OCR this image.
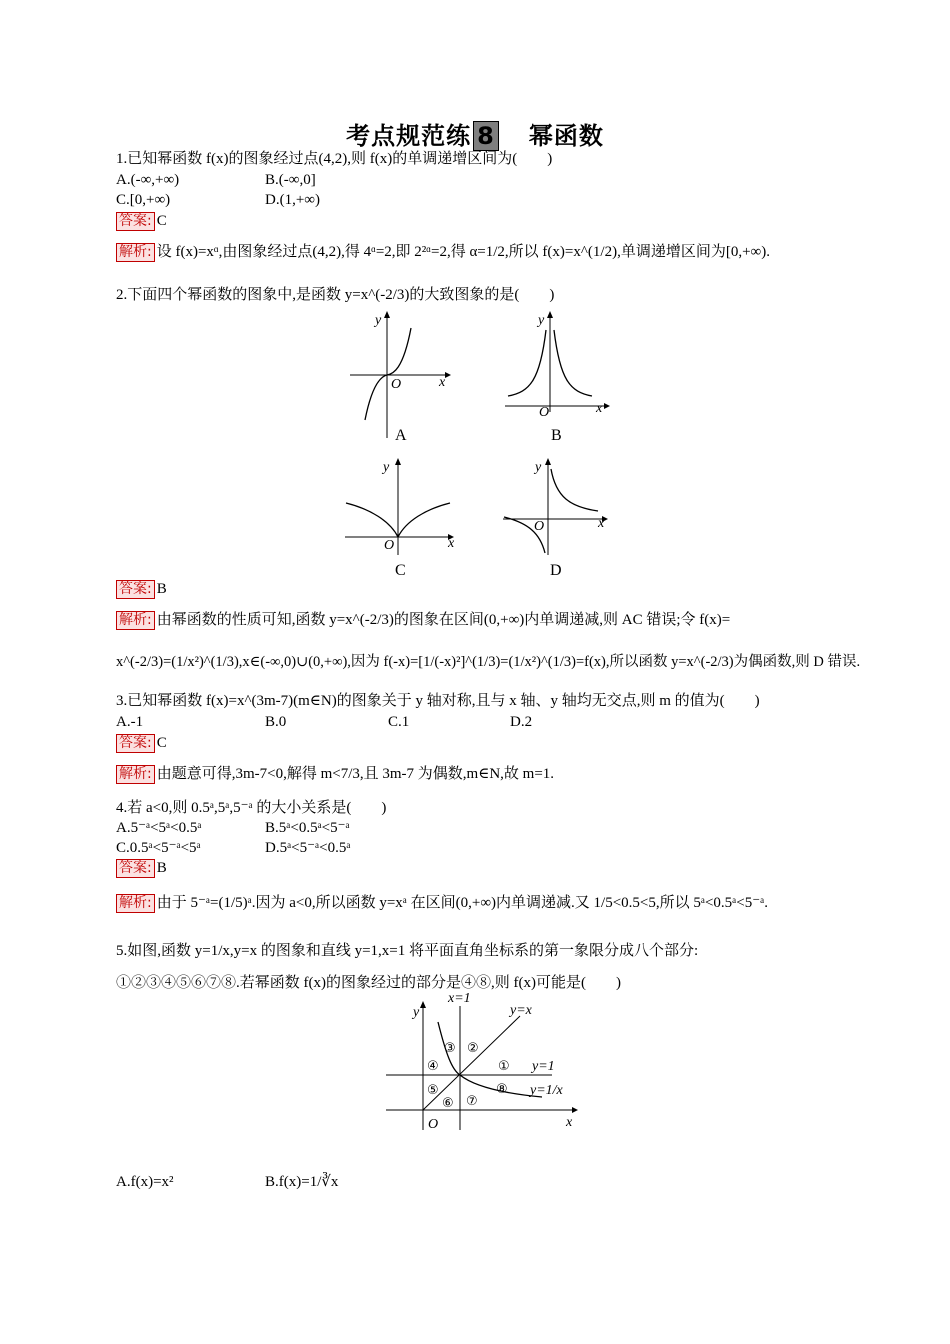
考点规范练 8 幂函数
1.已知幂函数 f(x)的图象经过点(4,2),则 f(x)的单调递增区间为(　　)
A.(-∞,+∞)	B.(-∞,0]
C.[0,+∞)	D.(1,+∞)
答案: C
解析: 设 f(x)=xᵅ,由图象经过点(4,2),得 4ᵅ=2,即 2²ᵅ=2,得 α=1/2,所以 f(x)=x^(1/2),单调递增区间为[0,+∞).
2.下面四个幂函数的图象中,是函数 y=x^(-2/3)的大致图象的是(　　)
x
y
O
A
x
y
O
B
x
y
O
C
x
y
O
D
答案: B
解析: 由幂函数的性质可知,函数 y=x^(-2/3)的图象在区间(0,+∞)内单调递减,则 AC 错误;令 f(x)=
x^(-2/3)=(1/x²)^(1/3),x∈(-∞,0)∪(0,+∞),因为 f(-x)=[1/(-x)²]^(1/3)=(1/x²)^(1/3)=f(x),所以函数 y=x^(-2/3)为偶函数,则 D 错误.
3.已知幂函数 f(x)=x^(3m-7)(m∈N)的图象关于 y 轴对称,且与 x 轴、y 轴均无交点,则 m 的值为(　　)
A.-1	B.0	C.1	D.2
答案: C
解析: 由题意可得,3m-7<0,解得 m<7/3,且 3m-7 为偶数,m∈N,故 m=1.
4.若 a<0,则 0.5ᵃ,5ᵃ,5⁻ᵃ 的大小关系是(　　)
A.5⁻ᵃ<5ᵃ<0.5ᵃ	B.5ᵃ<0.5ᵃ<5⁻ᵃ
C.0.5ᵃ<5⁻ᵃ<5ᵃ	D.5ᵃ<5⁻ᵃ<0.5ᵃ
答案: B
解析: 由于 5⁻ᵃ=(1/5)ᵃ.因为 a<0,所以函数 y=xᵃ 在区间(0,+∞)内单调递减.又 1/5<0.5<5,所以 5ᵃ<0.5ᵃ<5⁻ᵃ.
5.如图,函数 y=1/x,y=x 的图象和直线 y=1,x=1 将平面直角坐标系的第一象限分成八个部分:
①②③④⑤⑥⑦⑧.若幂函数 f(x)的图象经过的部分是④⑧,则 f(x)可能是(　　)
x=1
y=x
y=1
y=1/x
x
y
O
①
②
③
④
⑤
⑥ ⑦
⑧
A.f(x)=x²	B.f(x)=1/∛x
